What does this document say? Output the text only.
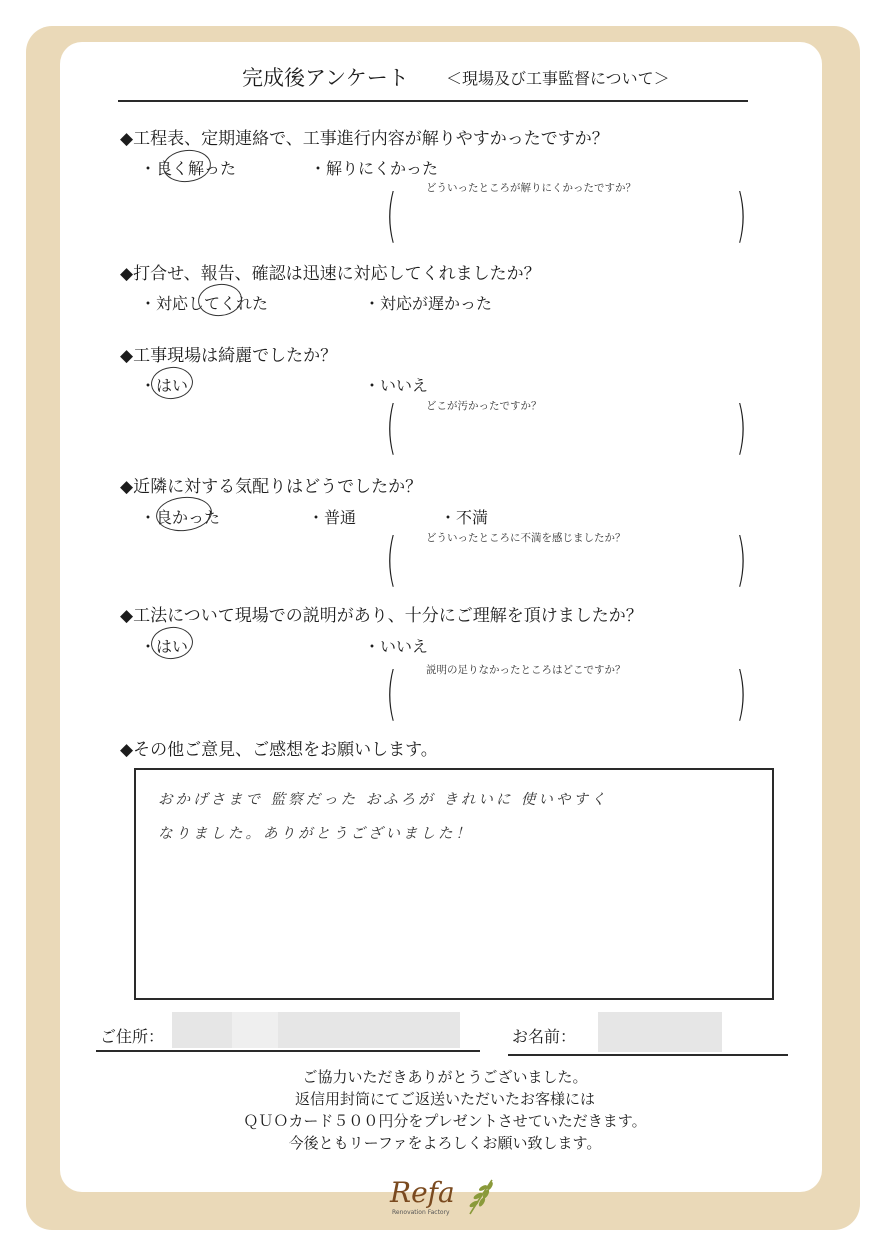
完成後アンケート ＜現場及び工事監督について＞
◆工程表、定期連絡で、工事進行内容が解りやすかったですか？
・良く解った	・解りにくかった
どういったところが解りにくかったですか？
(	)
◆打合せ、報告、確認は迅速に対応してくれましたか？
・対応してくれた	・対応が遅かった
◆工事現場は綺麗でしたか？
・はい	・いいえ
どこが汚かったですか？
(	)
◆近隣に対する気配りはどうでしたか？
・良かった	・普通	・不満
どういったところに不満を感じましたか？
(	)
◆工法について現場での説明があり、十分にご理解を頂けましたか？
・はい	・いいえ
説明の足りなかったところはどこですか？
(	)
◆その他ご意見、ご感想をお願いします。
おかげさまで 監察だった おふろが きれいに 使いやすく
なりました。ありがとうございました！
ご住所：	お名前：
ご協力いただきありがとうございました。
返信用封筒にてご返送いただいたお客様には
ＱＵＯカード５００円分をプレゼントさせていただきます。
今後ともリーファをよろしくお願い致します。
Refa
Renovation Factory
